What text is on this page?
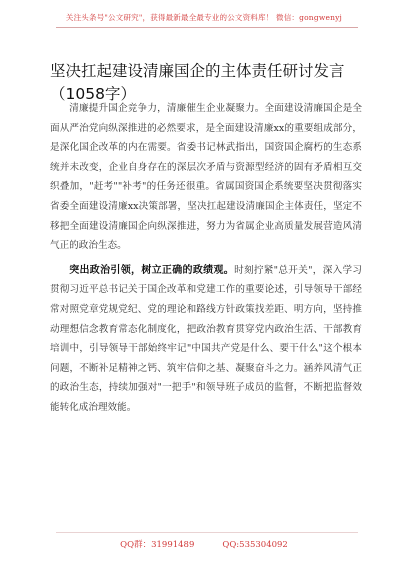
关注头条号"公文研究"，获得最新最全最专业的公文资料库！ 微信：gongwenyj
坚决扛起建设清廉国企的主体责任研讨发言（1058字）

清廉提升国企竞争力，清廉催生企业凝聚力。全面建设清廉国企是全面从严治党向纵深推进的必然要求，是全面建设清廉xx的重要组成部分，是深化国企改革的内在需要。省委书记林武指出，国资国企腐朽的生态系统并未改变，企业自身存在的深层次矛盾与资源型经济的固有矛盾相互交织叠加，"赶考""补考"的任务还很重。省属国资国企系统要坚决贯彻落实省委全面建设清廉xx决策部署，坚决扛起建设清廉国企主体责任，坚定不移把全面建设清廉国企向纵深推进，努力为省属企业高质量发展营造风清气正的政治生态。

突出政治引领，树立正确的政绩观。时刻拧紧"总开关"，深入学习贯彻习近平总书记关于国企改革和党建工作的重要论述，引导领导干部经常对照党章党规党纪、党的理论和路线方针政策找差距、明方向，坚持推动理想信念教育常态化制度化，把政治教育贯穿党内政治生活、干部教育培训中，引导领导干部始终牢记"中国共产党是什么、要干什么"这个根本问题，不断补足精神之钙、筑牢信仰之基、凝聚奋斗之力。涵养风清气正的政治生态，持续加强对"一把手"和领导班子成员的监督，不断把监督效能转化成治理效能。

QQ群：31991489	QQ:535304092
